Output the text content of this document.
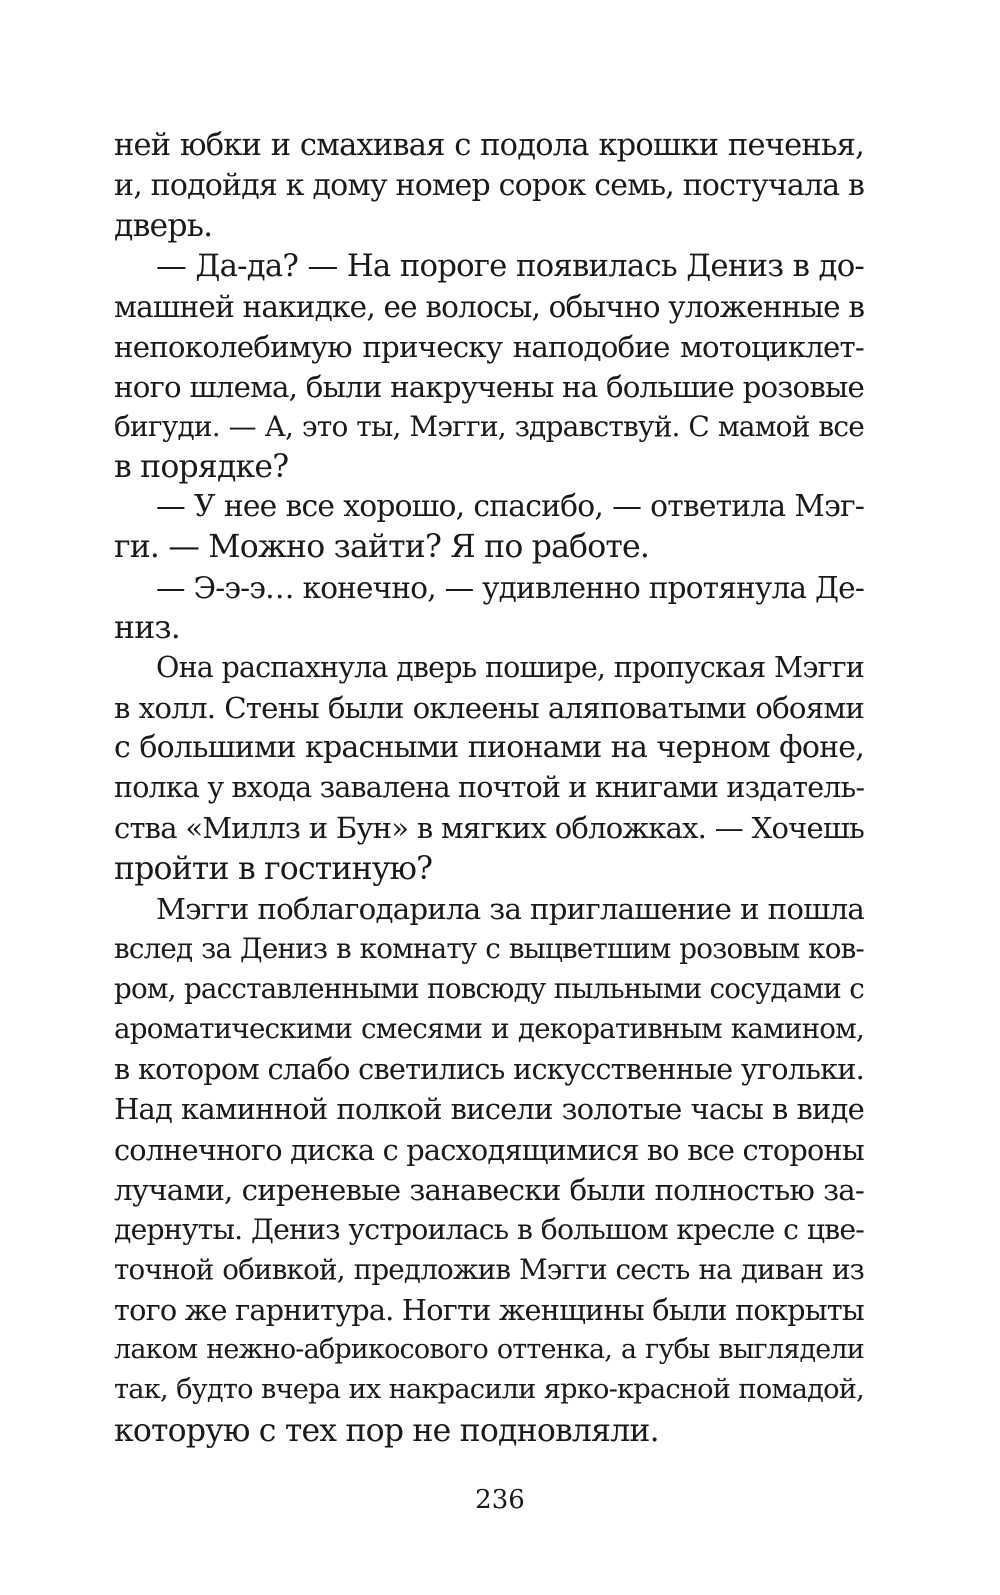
ней юбки и смахивая с подола крошки печенья,
и, подойдя к дому номер сорок семь, постучала в
дверь.
— Да-да? — На пороге появилась Дениз в до-
машней накидке, ее волосы, обычно уложенные в
непоколебимую прическу наподобие мотоциклет-
ного шлема, были накручены на большие розовые
бигуди. — А, это ты, Мэгги, здравствуй. С мамой все
в порядке?
— У нее все хорошо, спасибо, — ответила Мэг-
ги. — Можно зайти? Я по работе.
— Э-э-э… конечно, — удивленно протянула Де-
низ.
Она распахнула дверь пошире, пропуская Мэгги
в холл. Стены были оклеены аляповатыми обоями
с большими красными пионами на черном фоне,
полка у входа завалена почтой и книгами издатель-
ства «Миллз и Бун» в мягких обложках. — Хочешь
пройти в гостиную?
Мэгги поблагодарила за приглашение и пошла
вслед за Дениз в комнату с выцветшим розовым ков-
ром, расставленными повсюду пыльными сосудами с
ароматическими смесями и декоративным камином,
в котором слабо светились искусственные угольки.
Над каминной полкой висели золотые часы в виде
солнечного диска с расходящимися во все стороны
лучами, сиреневые занавески были полностью за-
дернуты. Дениз устроилась в большом кресле с цве-
точной обивкой, предложив Мэгги сесть на диван из
того же гарнитура. Ногти женщины были покрыты
лаком нежно-абрикосового оттенка, а губы выглядели
так, будто вчера их накрасили ярко-красной помадой,
которую с тех пор не подновляли.
236
